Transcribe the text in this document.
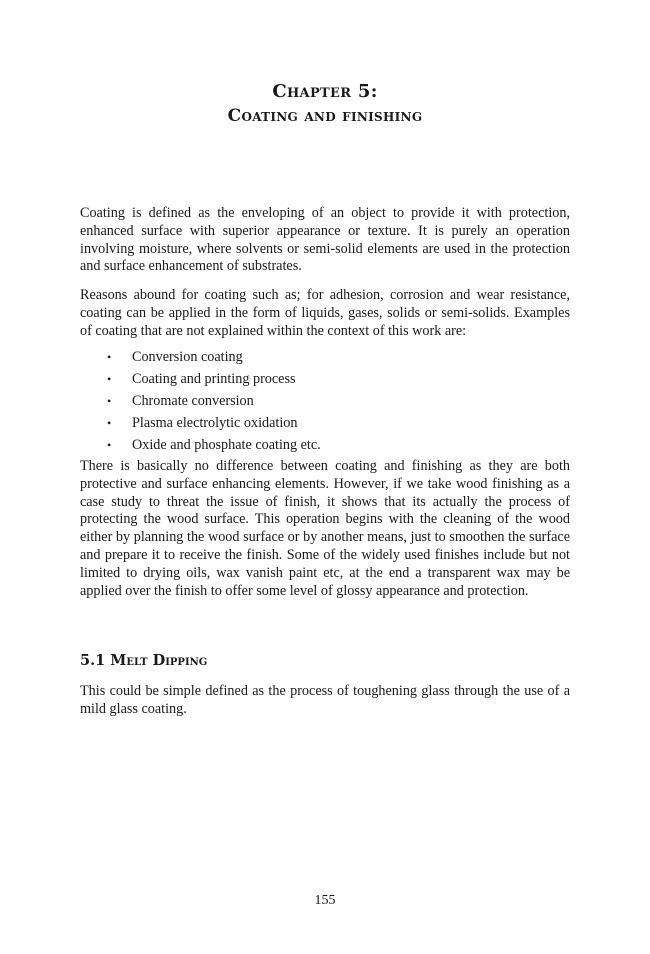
Chapter 5:
Coating and finishing

Coating is defined as the enveloping of an object to provide it with protection, enhanced surface with superior appearance or texture. It is purely an operation involving moisture, where solvents or semi-solid elements are used in the protection and surface enhancement of substrates.

Reasons abound for coating such as; for adhesion, corrosion and wear resistance, coating can be applied in the form of liquids, gases, solids or semi-solids. Examples of coating that are not explained within the context of this work are:

• Conversion coating
• Coating and printing process
• Chromate conversion
• Plasma electrolytic oxidation
• Oxide and phosphate coating etc.

There is basically no difference between coating and finishing as they are both protective and surface enhancing elements. However, if we take wood finishing as a case study to threat the issue of finish, it shows that its actually the process of protecting the wood surface. This operation begins with the cleaning of the wood either by planning the wood surface or by another means, just to smoothen the surface and prepare it to receive the finish. Some of the widely used finishes include but not limited to drying oils, wax vanish paint etc, at the end a transparent wax may be applied over the finish to offer some level of glossy appearance and protection.

5.1 Melt Dipping

This could be simple defined as the process of toughening glass through the use of a mild glass coating.

155
